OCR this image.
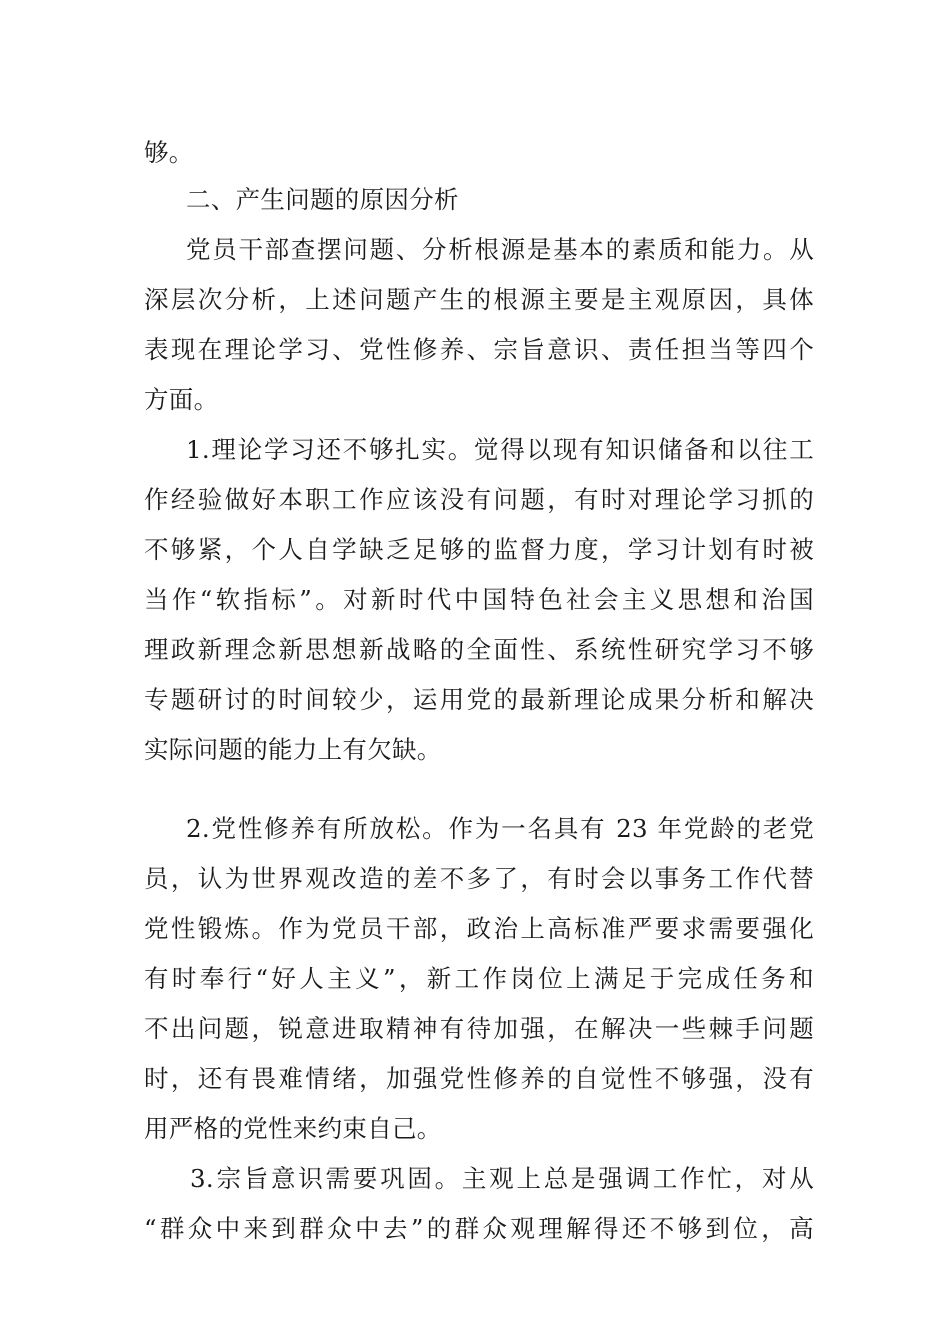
够。
二、产生问题的原因分析
党员干部查摆问题、分析根源是基本的素质和能力。从
深层次分析，上述问题产生的根源主要是主观原因，具体
表现在理论学习、党性修养、宗旨意识、责任担当等四个
方面。
1.理论学习还不够扎实。觉得以现有知识储备和以往工
作经验做好本职工作应该没有问题，有时对理论学习抓的
不够紧，个人自学缺乏足够的监督力度，学习计划有时被
当作“软指标”。对新时代中国特色社会主义思想和治国
理政新理念新思想新战略的全面性、系统性研究学习不够
专题研讨的时间较少，运用党的最新理论成果分析和解决
实际问题的能力上有欠缺。
2.党性修养有所放松。作为一名具有 23 年党龄的老党
员，认为世界观改造的差不多了，有时会以事务工作代替
党性锻炼。作为党员干部，政治上高标准严要求需要强化
有时奉行“好人主义”，新工作岗位上满足于完成任务和
不出问题，锐意进取精神有待加强，在解决一些棘手问题
时，还有畏难情绪，加强党性修养的自觉性不够强，没有
用严格的党性来约束自己。
3.宗旨意识需要巩固。主观上总是强调工作忙，对从
“群众中来到群众中去”的群众观理解得还不够到位，高
